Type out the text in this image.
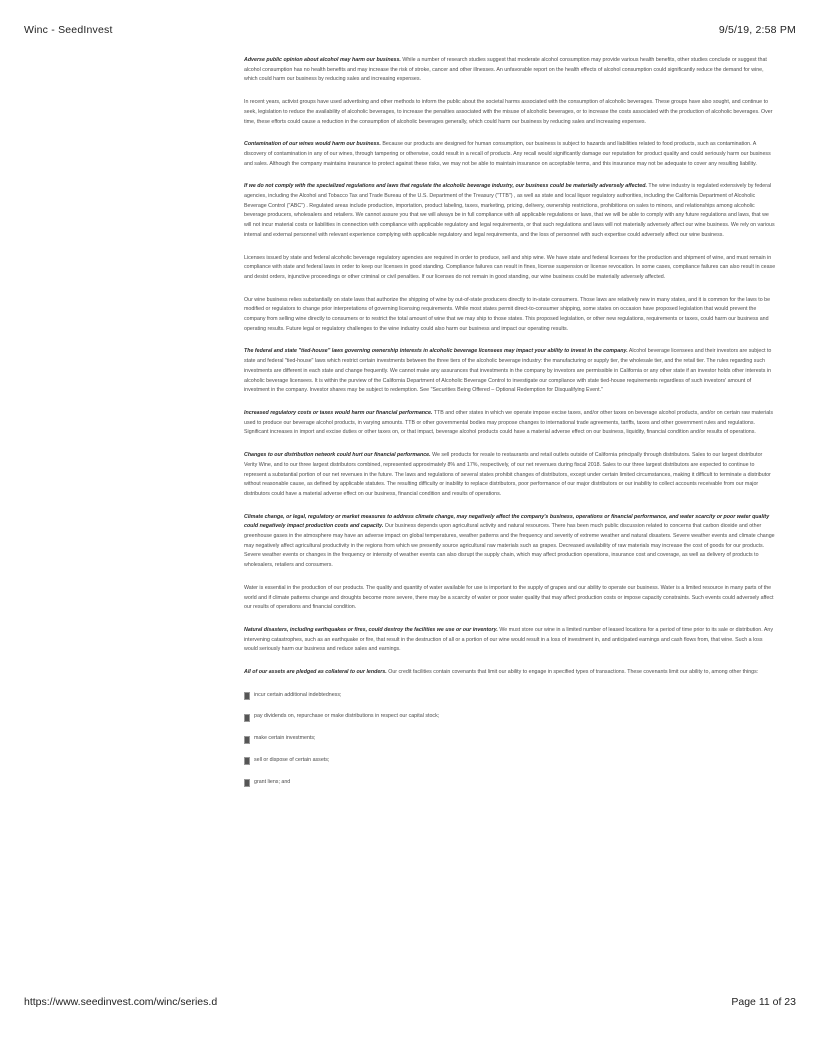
Winc - SeedInvest	9/5/19, 2:58 PM

Adverse public opinion about alcohol may harm our business. While a number of research studies suggest that moderate alcohol consumption may provide various health benefits, other studies conclude or suggest that alcohol consumption has no health benefits and may increase the risk of stroke, cancer and other illnesses. An unfavorable report on the health effects of alcohol consumption could significantly reduce the demand for wine, which could harm our business by reducing sales and increasing expenses.

In recent years, activist groups have used advertising and other methods to inform the public about the societal harms associated with the consumption of alcoholic beverages. These groups have also sought, and continue to seek, legislation to reduce the availability of alcoholic beverages, to increase the penalties associated with the misuse of alcoholic beverages, or to increase the costs associated with the production of alcoholic beverages. Over time, these efforts could cause a reduction in the consumption of alcoholic beverages generally, which could harm our business by reducing sales and increasing expenses.

Contamination of our wines would harm our business. Because our products are designed for human consumption, our business is subject to hazards and liabilities related to food products, such as contamination. A discovery of contamination in any of our wines, through tampering or otherwise, could result in a recall of products. Any recall would significantly damage our reputation for product quality and could seriously harm our business and sales. Although the company maintains insurance to protect against these risks, we may not be able to maintain insurance on acceptable terms, and this insurance may not be adequate to cover any resulting liability.

If we do not comply with the specialized regulations and laws that regulate the alcoholic beverage industry, our business could be materially adversely affected. The wine industry is regulated extensively by federal agencies, including the Alcohol and Tobacco Tax and Trade Bureau of the U.S. Department of the Treasury ("TTB") , as well as state and local liquor regulatory authorities, including the California Department of Alcoholic Beverage Control ("ABC") . Regulated areas include production, importation, product labeling, taxes, marketing, pricing, delivery, ownership restrictions, prohibitions on sales to minors, and relationships among alcoholic beverage producers, wholesalers and retailers. We cannot assure you that we will always be in full compliance with all applicable regulations or laws, that we will be able to comply with any future regulations and laws, that we will not incur material costs or liabilities in connection with compliance with applicable regulatory and legal requirements, or that such regulations and laws will not materially adversely affect our wine business. We rely on various internal and external personnel with relevant experience complying with applicable regulatory and legal requirements, and the loss of personnel with such expertise could adversely affect our wine business.

Licenses issued by state and federal alcoholic beverage regulatory agencies are required in order to produce, sell and ship wine. We have state and federal licenses for the production and shipment of wine, and must remain in compliance with state and federal laws in order to keep our licenses in good standing. Compliance failures can result in fines, license suspension or license revocation. In some cases, compliance failures can also result in cease and desist orders, injunctive proceedings or other criminal or civil penalties. If our licenses do not remain in good standing, our wine business could be materially adversely affected.

Our wine business relies substantially on state laws that authorize the shipping of wine by out-of-state producers directly to in-state consumers. Those laws are relatively new in many states, and it is common for the laws to be modified or regulators to change prior interpretations of governing licensing requirements. While most states permit direct-to-consumer shipping, some states on occasion have proposed legislation that would prevent the company from selling wine directly to consumers or to restrict the total amount of wine that we may ship to those states. This proposed legislation, or other new regulations, requirements or taxes, could harm our business and operating results. Future legal or regulatory challenges to the wine industry could also harm our business and impact our operating results.

The federal and state "tied-house" laws governing ownership interests in alcoholic beverage licensees may impact your ability to invest in the company. Alcohol beverage licensees and their investors are subject to state and federal "tied-house" laws which restrict certain investments between the three tiers of the alcoholic beverage industry: the manufacturing or supply tier, the wholesale tier, and the retail tier. The rules regarding such investments are different in each state and change frequently. We cannot make any assurances that investments in the company by investors are permissible in California or any other state if an investor holds other interests in alcoholic beverage licensees. It is within the purview of the California Department of Alcoholic Beverage Control to investigate our compliance with state tied-house requirements regardless of such investors' amount of investment in the company. Investor shares may be subject to redemption. See "Securities Being Offered – Optional Redemption for Disqualifying Event."

Increased regulatory costs or taxes would harm our financial performance. TTB and other states in which we operate impose excise taxes, and/or other taxes on beverage alcohol products, and/or on certain raw materials used to produce our beverage alcohol products, in varying amounts. TTB or other governmental bodies may propose changes to international trade agreements, tariffs, taxes and other government rules and regulations. Significant increases in import and excise duties or other taxes on, or that impact, beverage alcohol products could have a material adverse effect on our business, liquidity, financial condition and/or results of operations.

Changes to our distribution network could hurt our financial performance. We sell products for resale to restaurants and retail outlets outside of California principally through distributors. Sales to our largest distributor Verity Wine, and to our three largest distributors combined, represented approximately 8% and 17%, respectively, of our net revenues during fiscal 2018. Sales to our three largest distributors are expected to continue to represent a substantial portion of our net revenues in the future. The laws and regulations of several states prohibit changes of distributors, except under certain limited circumstances, making it difficult to terminate a distributor without reasonable cause, as defined by applicable statutes. The resulting difficulty or inability to replace distributors, poor performance of our major distributors or our inability to collect accounts receivable from our major distributors could have a material adverse effect on our business, financial condition and results of operations.

Climate change, or legal, regulatory or market measures to address climate change, may negatively affect the company's business, operations or financial performance, and water scarcity or poor water quality could negatively impact production costs and capacity. Our business depends upon agricultural activity and natural resources. There has been much public discussion related to concerns that carbon dioxide and other greenhouse gases in the atmosphere may have an adverse impact on global temperatures, weather patterns and the frequency and severity of extreme weather and natural disasters. Severe weather events and climate change may negatively affect agricultural productivity in the regions from which we presently source agricultural raw materials such as grapes. Decreased availability of raw materials may increase the cost of goods for our products. Severe weather events or changes in the frequency or intensity of weather events can also disrupt the supply chain, which may affect production operations, insurance cost and coverage, as well as delivery of products to wholesalers, retailers and consumers.

Water is essential in the production of our products. The quality and quantity of water available for use is important to the supply of grapes and our ability to operate our business. Water is a limited resource in many parts of the world and if climate patterns change and droughts become more severe, there may be a scarcity of water or poor water quality that may affect production costs or impose capacity constraints. Such events could adversely affect our results of operations and financial condition.

Natural disasters, including earthquakes or fires, could destroy the facilities we use or our inventory. We must store our wine in a limited number of leased locations for a period of time prior to its sale or distribution. Any intervening catastrophes, such as an earthquake or fire, that result in the destruction of all or a portion of our wine would result in a loss of investment in, and anticipated earnings and cash flows from, that wine. Such a loss would seriously harm our business and reduce sales and earnings.

All of our assets are pledged as collateral to our lenders. Our credit facilities contain covenants that limit our ability to engage in specified types of transactions. These covenants limit our ability to, among other things:

incur certain additional indebtedness;
pay dividends on, repurchase or make distributions in respect our capital stock;
make certain investments;
sell or dispose of certain assets;
grant liens; and
https://www.seedinvest.com/winc/series.d	Page 11 of 23
